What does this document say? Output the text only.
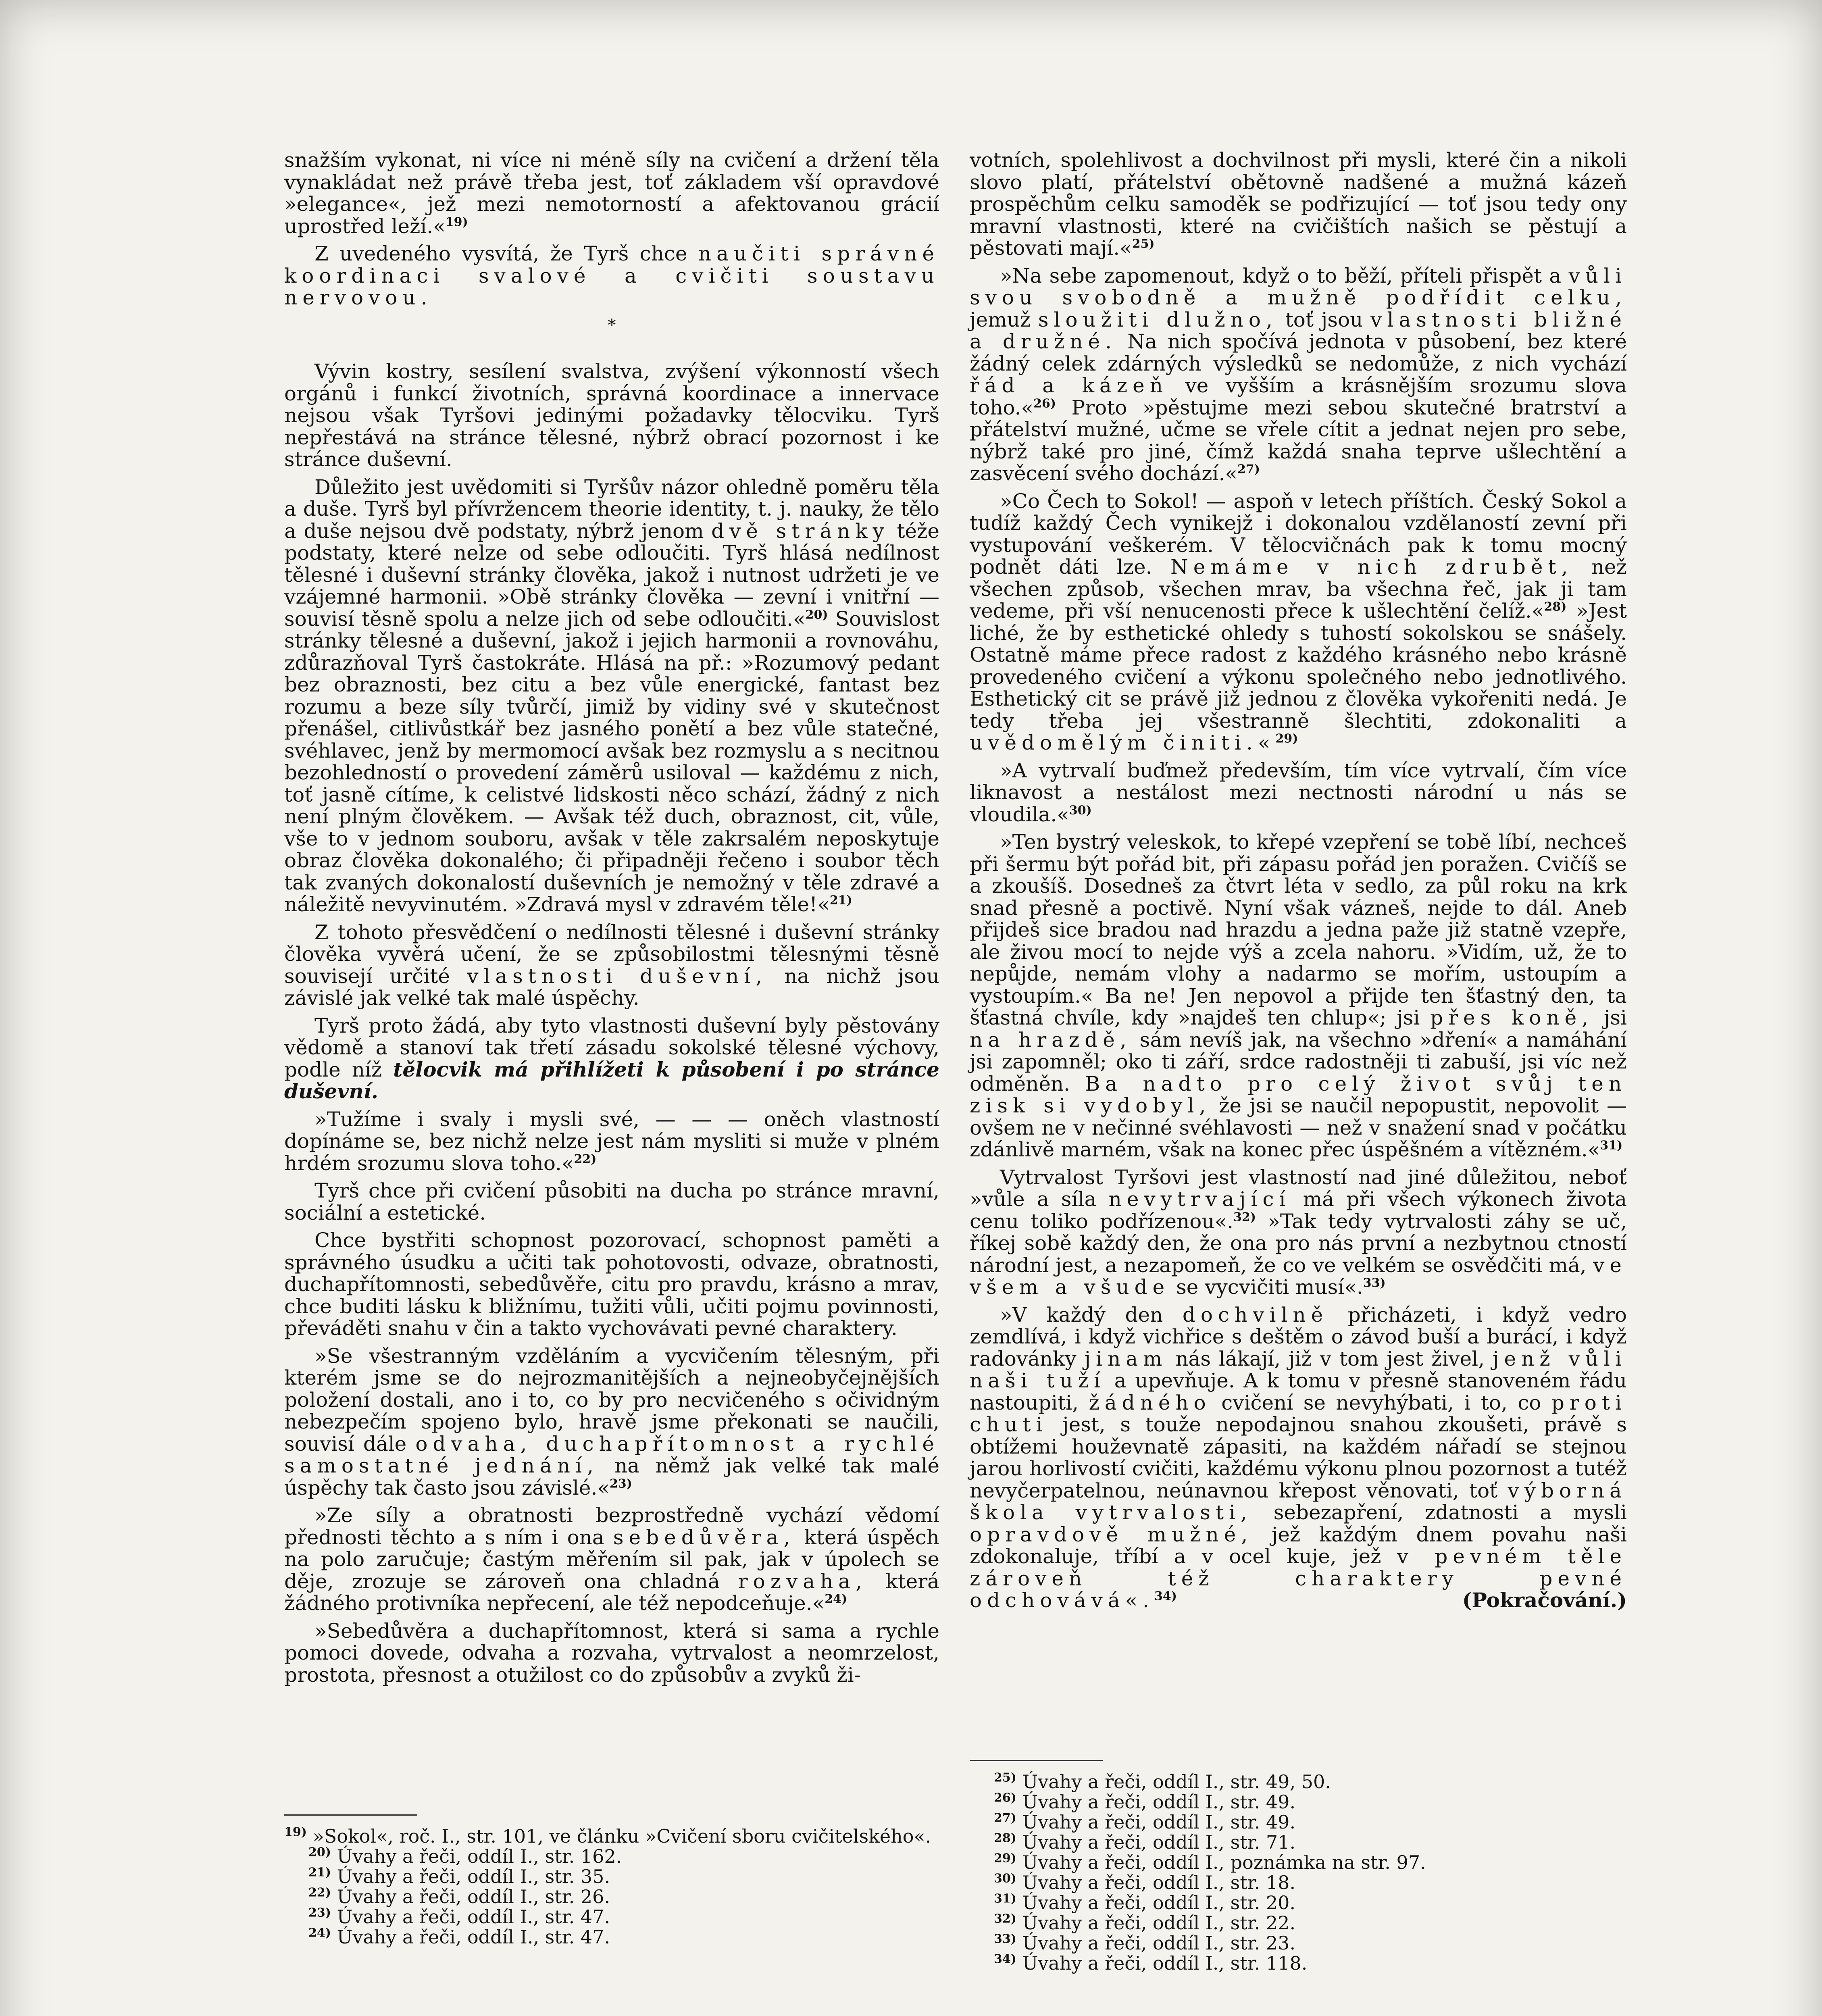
snažším vykonat, ni více ni méně síly na cvičení a držení těla vynakládat než právě třeba jest, toť základem vší opravdové »elegance«, jež mezi nemotorností a afektovanou grácií uprostřed leží.«$^{19)}$

Z uvedeného vysvítá, že Tyrš chce naučiti správné koordinaci svalové a cvičiti soustavu nervovou.

*

Vývin kostry, sesílení svalstva, zvýšení výkonností všech orgánů i funkcí životních, správná koordinace a innervace nejsou však Tyršovi jedinými požadavky tělocviku. Tyrš nepřestává na stránce tělesné, nýbrž obrací pozornost i ke stránce duševní.

Důležito jest uvědomiti si Tyršův názor ohledně poměru těla a duše. Tyrš byl přívržencem theorie identity, t. j. nauky, že tělo a duše nejsou dvě podstaty, nýbrž jenom dvě stránky téže podstaty, které nelze od sebe odloučiti. Tyrš hlásá nedílnost tělesné i duševní stránky člověka, jakož i nutnost udržeti je ve vzájemné harmonii. »Obě stránky člověka — zevní i vnitřní — souvisí těsně spolu a nelze jich od sebe odloučiti.«$^{20)}$ Souvislost stránky tělesné a duševní, jakož i jejich harmonii a rovnováhu, zdůrazňoval Tyrš častokráte. Hlásá na př.: »Rozumový pedant bez obraznosti, bez citu a bez vůle energické, fantast bez rozumu a beze síly tvůrčí, jimiž by vidiny své v skutečnost přenášel, citlivůstkář bez jasného ponětí a bez vůle statečné, svéhlavec, jenž by mermomocí avšak bez rozmyslu a s necitnou bezohledností o provedení záměrů usiloval — každému z nich, toť jasně cítíme, k celistvé lidskosti něco schází, žádný z nich není plným člověkem. — Avšak též duch, obraznost, cit, vůle, vše to v jednom souboru, avšak v těle zakrsalém neposkytuje obraz člověka dokonalého; či připadněji řečeno i soubor těch tak zvaných dokonalostí duševních je nemožný v těle zdravé a náležitě nevyvinutém. »Zdravá mysl v zdravém těle!«$^{21)}$

Z tohoto přesvědčení o nedílnosti tělesné i duševní stránky člověka vyvěrá učení, že se způsobilostmi tělesnými těsně souvisejí určité vlastnosti duševní, na nichž jsou závislé jak velké tak malé úspěchy.

Tyrš proto žádá, aby tyto vlastnosti duševní byly pěstovány vědomě a stanoví tak třetí zásadu sokolské tělesné výchovy, podle níž tělocvik má přihlížeti k působení i po stránce duševní.

»Tužíme i svaly i mysli své, — — — oněch vlastností dopínáme se, bez nichž nelze jest nám mysliti si muže v plném hrdém srozumu slova toho.«$^{22)}$

Tyrš chce při cvičení působiti na ducha po stránce mravní, sociální a estetické.

Chce bystřiti schopnost pozorovací, schopnost paměti a správného úsudku a učiti tak pohotovosti, odvaze, obratnosti, duchapřítomnosti, sebedůvěře, citu pro pravdu, krásno a mrav, chce buditi lásku k bližnímu, tužiti vůli, učiti pojmu povinnosti, převáděti snahu v čin a takto vychovávati pevné charaktery.

»Se všestranným vzděláním a vycvičením tělesným, při kterém jsme se do nejrozmanitějších a nejneobyčejnějších položení dostali, ano i to, co by pro necvičeného s očividným nebezpečím spojeno bylo, hravě jsme překonati se naučili, souvisí dále odvaha, duchapřítomnost a rychlé samostatné jednání, na němž jak velké tak malé úspěchy tak často jsou závislé.«$^{23)}$

»Ze síly a obratnosti bezprostředně vychází vědomí přednosti těchto a s ním i ona sebedůvěra, která úspěch na polo zaručuje; častým měřením sil pak, jak v úpolech se děje, zrozuje se zároveň ona chladná rozvaha, která žádného protivníka nepřecení, ale též nepodceňuje.«$^{24)}$

»Sebedůvěra a duchapřítomnost, která si sama a rychle pomoci dovede, odvaha a rozvaha, vytrvalost a neomrzelost, prostota, přesnost a otužilost co do způsobův a zvyků ži-

votních, spolehlivost a dochvilnost při mysli, které čin a nikoli slovo platí, přátelství obětovně nadšené a mužná kázeň prospěchům celku samoděk se podřizující — toť jsou tedy ony mravní vlastnosti, které na cvičištích našich se pěstují a pěstovati mají.«$^{25)}$

»Na sebe zapomenout, když o to běží, příteli přispět a vůli svou svobodně a mužně podřídit celku, jemuž sloužiti dlužno, toť jsou vlastnosti bližné a družné. Na nich spočívá jednota v působení, bez které žádný celek zdárných výsledků se nedomůže, z nich vychází řád a kázeň ve vyšším a krásnějším srozumu slova toho.«$^{26)}$ Proto »pěstujme mezi sebou skutečné bratrství a přátelství mužné, učme se vřele cítit a jednat nejen pro sebe, nýbrž také pro jiné, čímž každá snaha teprve ušlechtění a zasvěcení svého dochází.«$^{27)}$

»Co Čech to Sokol! — aspoň v letech příštích. Český Sokol a tudíž každý Čech vynikejž i dokonalou vzdělaností zevní při vystupování veškerém. V tělocvičnách pak k tomu mocný podnět dáti lze. Nemáme v nich zdrubět, než všechen způsob, všechen mrav, ba všechna řeč, jak ji tam vedeme, při vší nenucenosti přece k ušlechtění čelíž.«$^{28)}$ »Jest liché, že by esthetické ohledy s tuhostí sokolskou se snášely. Ostatně máme přece radost z každého krásného nebo krásně provedeného cvičení a výkonu společného nebo jednotlivého. Esthetický cit se právě již jednou z člověka vykořeniti nedá. Je tedy třeba jej všestranně šlechtiti, zdokonaliti a uvědomělým činiti.«$^{29)}$

»A vytrvalí buďmež především, tím více vytrvalí, čím více liknavost a nestálost mezi nectnosti národní u nás se vloudila.«$^{30)}$

»Ten bystrý veleskok, to křepé vzepření se tobě líbí, nechceš při šermu být pořád bit, při zápasu pořád jen poražen. Cvičíš se a zkoušíš. Dosedneš za čtvrt léta v sedlo, za půl roku na krk snad přesně a poctivě. Nyní však vázneš, nejde to dál. Aneb přijdeš sice bradou nad hrazdu a jedna paže již statně vzepře, ale živou mocí to nejde výš a zcela nahoru. »Vidím, už, že to nepůjde, nemám vlohy a nadarmo se mořím, ustoupím a vystoupím.« Ba ne! Jen nepovol a přijde ten šťastný den, ta šťastná chvíle, kdy »najdeš ten chlup«; jsi přes koně, jsi na hrazdě, sám nevíš jak, na všechno »dření« a namáhání jsi zapomněl; oko ti září, srdce radostněji ti zabuší, jsi víc než odměněn. Ba nadto pro celý život svůj ten zisk si vydobyl, že jsi se naučil nepopustit, nepovolit — ovšem ne v nečinné svéhlavosti — než v snažení snad v počátku zdánlivě marném, však na konec přec úspěšném a vítězném.«$^{31)}$

Vytrvalost Tyršovi jest vlastností nad jiné důležitou, neboť »vůle a síla nevytrvající má při všech výkonech života cenu toliko podřízenou«.$^{32)}$ »Tak tedy vytrvalosti záhy se uč, říkej sobě každý den, že ona pro nás první a nezbytnou ctností národní jest, a nezapomeň, že co ve velkém se osvědčiti má, ve všem a všude se vycvičiti musí«.$^{33)}$

»V každý den dochvilně přicházeti, i když vedro zemdlívá, i když vichřice s deštěm o závod buší a burácí, i když radovánky jinam nás lákají, již v tom jest živel, jenž vůli naši tuží a upevňuje. A k tomu v přesně stanoveném řádu nastoupiti, žádného cvičení se nevyhýbati, i to, co proti chuti jest, s touže nepodajnou snahou zkoušeti, právě s obtížemi houževnatě zápasiti, na každém nářadí se stejnou jarou horlivostí cvičiti, každému výkonu plnou pozornost a tutéž nevyčerpatelnou, neúnavnou křepost věnovati, toť výborná škola vytrvalosti, sebezapření, zdatnosti a mysli opravdově mužné, jež každým dnem povahu naši zdokonaluje, tříbí a v ocel kuje, jež v pevném těle zároveň též charaktery pevné odchovává«.$^{34)}$	(Pokračování.)

$^{19)}$ »Sokol«, roč. I., str. 101, ve článku »Cvičení sboru cvičitelského«.

$^{20)}$ Úvahy a řeči, oddíl I., str. 162.

$^{21)}$ Úvahy a řeči, oddíl I., str. 35.

$^{22)}$ Úvahy a řeči, oddíl I., str. 26.

$^{23)}$ Úvahy a řeči, oddíl I., str. 47.

$^{24)}$ Úvahy a řeči, oddíl I., str. 47.

$^{25)}$ Úvahy a řeči, oddíl I., str. 49, 50.

$^{26)}$ Úvahy a řeči, oddíl I., str. 49.

$^{27)}$ Úvahy a řeči, oddíl I., str. 49.

$^{28)}$ Úvahy a řeči, oddíl I., str. 71.

$^{29)}$ Úvahy a řeči, oddíl I., poznámka na str. 97.

$^{30)}$ Úvahy a řeči, oddíl I., str. 18.

$^{31)}$ Úvahy a řeči, oddíl I., str. 20.

$^{32)}$ Úvahy a řeči, oddíl I., str. 22.

$^{33)}$ Úvahy a řeči, oddíl I., str. 23.

$^{34)}$ Úvahy a řeči, oddíl I., str. 118.
